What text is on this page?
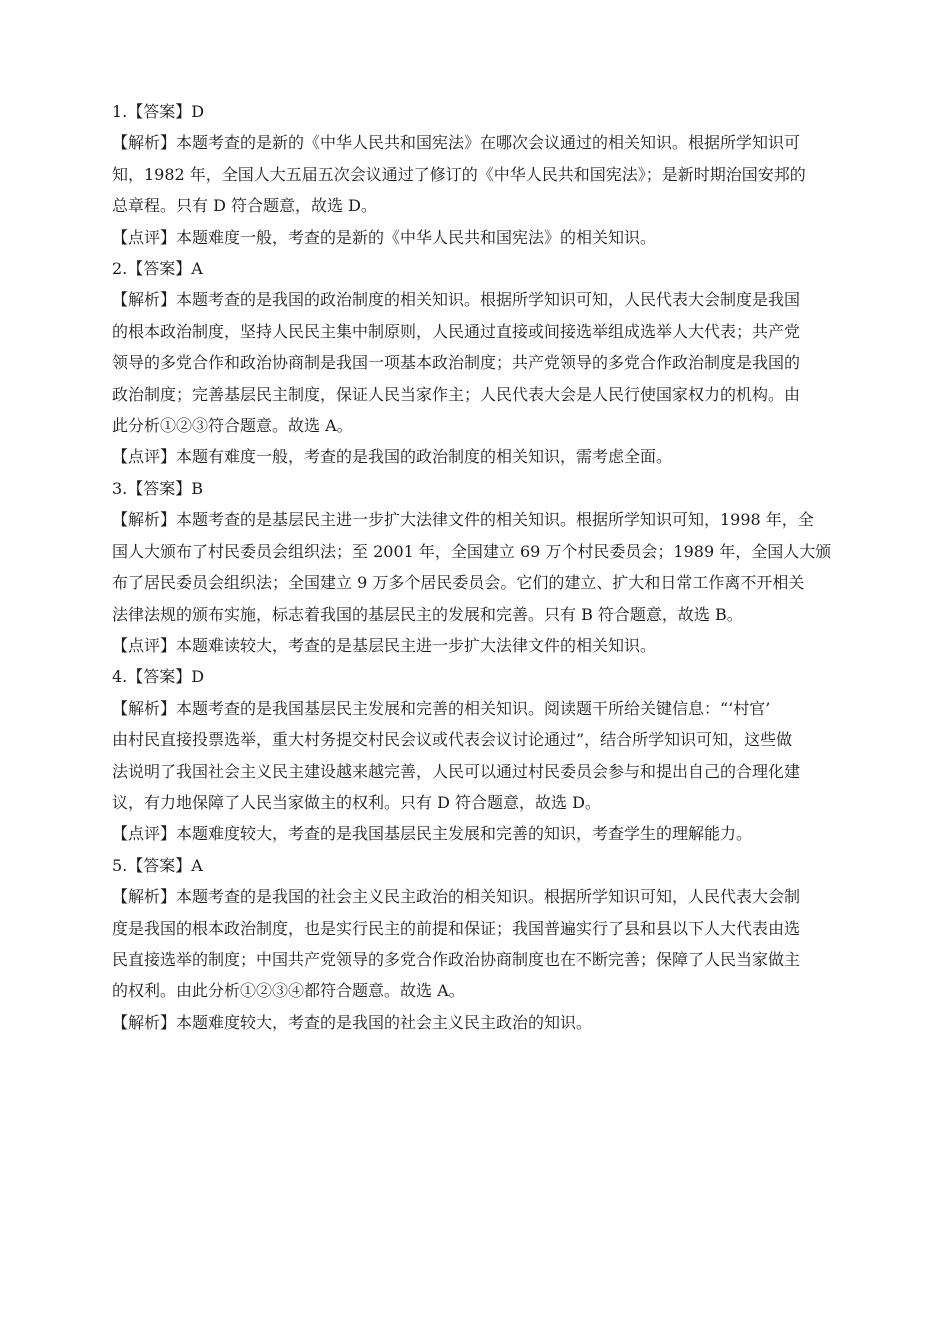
1.【答案】D

【解析】本题考查的是新的《中华人民共和国宪法》在哪次会议通过的相关知识。根据所学知识可

知，1982 年，全国人大五届五次会议通过了修订的《中华人民共和国宪法》；是新时期治国安邦的

总章程。只有 D 符合题意，故选 D。

【点评】本题难度一般，考查的是新的《中华人民共和国宪法》的相关知识。

2.【答案】A

【解析】本题考查的是我国的政治制度的相关知识。根据所学知识可知，人民代表大会制度是我国

的根本政治制度，坚持人民民主集中制原则，人民通过直接或间接选举组成选举人大代表；共产党

领导的多党合作和政治协商制是我国一项基本政治制度；共产党领导的多党合作政治制度是我国的

政治制度；完善基层民主制度，保证人民当家作主；人民代表大会是人民行使国家权力的机构。由

此分析①②③符合题意。故选 A。

【点评】本题有难度一般，考查的是我国的政治制度的相关知识，需考虑全面。

3.【答案】B

【解析】本题考查的是基层民主进一步扩大法律文件的相关知识。根据所学知识可知，1998 年，全

国人大颁布了村民委员会组织法；至 2001 年，全国建立 69 万个村民委员会；1989 年，全国人大颁

布了居民委员会组织法；全国建立 9 万多个居民委员会。它们的建立、扩大和日常工作离不开相关

法律法规的颁布实施，标志着我国的基层民主的发展和完善。只有 B 符合题意，故选 B。

【点评】本题难读较大，考查的是基层民主进一步扩大法律文件的相关知识。

4.【答案】D

【解析】本题考查的是我国基层民主发展和完善的相关知识。阅读题干所给关键信息：“‘村官’

由村民直接投票选举，重大村务提交村民会议或代表会议讨论通过”，结合所学知识可知，这些做

法说明了我国社会主义民主建设越来越完善，人民可以通过村民委员会参与和提出自己的合理化建

议，有力地保障了人民当家做主的权利。只有 D 符合题意，故选 D。

【点评】本题难度较大，考查的是我国基层民主发展和完善的知识，考查学生的理解能力。

5.【答案】A

【解析】本题考查的是我国的社会主义民主政治的相关知识。根据所学知识可知，人民代表大会制

度是我国的根本政治制度，也是实行民主的前提和保证；我国普遍实行了县和县以下人大代表由选

民直接选举的制度；中国共产党领导的多党合作政治协商制度也在不断完善；保障了人民当家做主

的权利。由此分析①②③④都符合题意。故选 A。

【解析】本题难度较大，考查的是我国的社会主义民主政治的知识。
